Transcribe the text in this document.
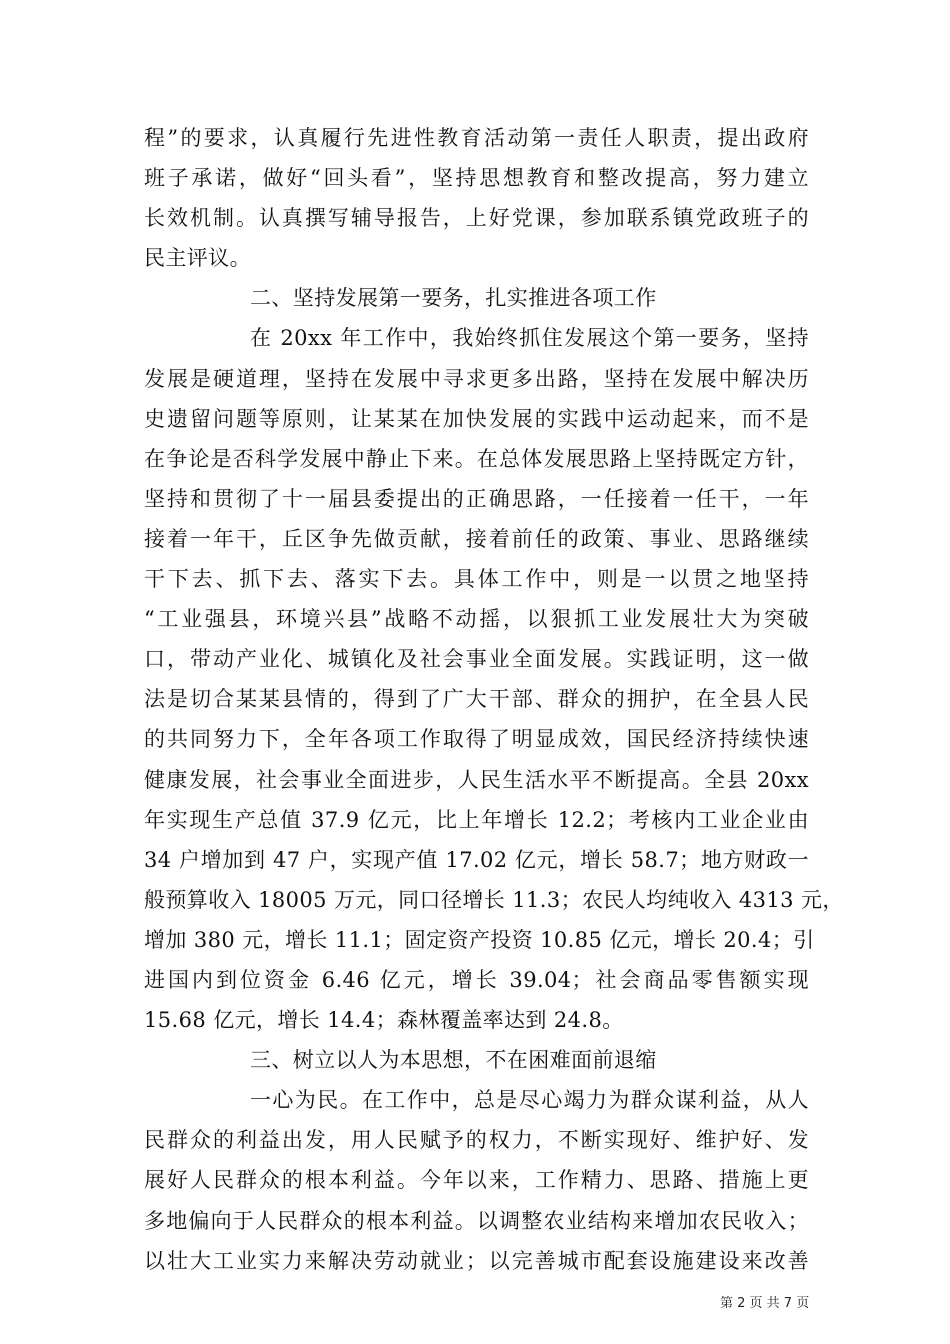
程”的要求，认真履行先进性教育活动第一责任人职责，提出政府
班子承诺，做好“回头看”，坚持思想教育和整改提高，努力建立
长效机制。认真撰写辅导报告，上好党课，参加联系镇党政班子的
民主评议。
二、坚持发展第一要务，扎实推进各项工作
在 20xx 年工作中，我始终抓住发展这个第一要务，坚持
发展是硬道理，坚持在发展中寻求更多出路，坚持在发展中解决历
史遗留问题等原则，让某某在加快发展的实践中运动起来，而不是
在争论是否科学发展中静止下来。在总体发展思路上坚持既定方针，
坚持和贯彻了十一届县委提出的正确思路，一任接着一任干，一年
接着一年干，丘区争先做贡献，接着前任的政策、事业、思路继续
干下去、抓下去、落实下去。具体工作中，则是一以贯之地坚持
“工业强县，环境兴县”战略不动摇，以狠抓工业发展壮大为突破
口，带动产业化、城镇化及社会事业全面发展。实践证明，这一做
法是切合某某县情的，得到了广大干部、群众的拥护，在全县人民
的共同努力下，全年各项工作取得了明显成效，国民经济持续快速
健康发展，社会事业全面进步，人民生活水平不断提高。全县 20xx
年实现生产总值 37.9 亿元，比上年增长 12.2；考核内工业企业由
34 户增加到 47 户，实现产值 17.02 亿元，增长 58.7；地方财政一
般预算收入 18005 万元，同口径增长 11.3；农民人均纯收入 4313 元，
增加 380 元，增长 11.1；固定资产投资 10.85 亿元，增长 20.4；引
进国内到位资金 6.46 亿元，增长 39.04；社会商品零售额实现
15.68 亿元，增长 14.4；森林覆盖率达到 24.8。
三、树立以人为本思想，不在困难面前退缩
一心为民。在工作中，总是尽心竭力为群众谋利益，从人
民群众的利益出发，用人民赋予的权力，不断实现好、维护好、发
展好人民群众的根本利益。今年以来，工作精力、思路、措施上更
多地偏向于人民群众的根本利益。以调整农业结构来增加农民收入；
以壮大工业实力来解决劳动就业；以完善城市配套设施建设来改善
第 2 页 共 7 页
